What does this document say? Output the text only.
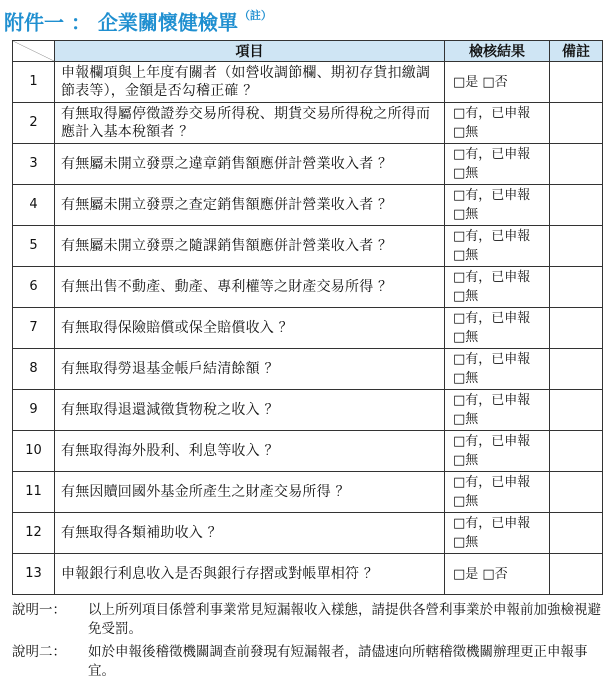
附件一 ： 企業關懷健檢單$^{(註)}$
	項目	檢核結果	備註
1	申報欄項與上年度有關者（如營收調節欄、期初存貨扣繳調節表等），金額是否勾稽正確 ？	□是 □否	

2	有無取得屬停徵證券交易所得稅、期貨交易所得稅之所得而應計入基本稅額者 ？	□有，已申報
□無	

3	有無屬未開立發票之違章銷售額應併計營業收入者 ？	□有，已申報
□無	

4	有無屬未開立發票之查定銷售額應併計營業收入者 ？	□有，已申報
□無	

5	有無屬未開立發票之隨課銷售額應併計營業收入者 ？	□有，已申報
□無	

6	有無出售不動產、動產、專利權等之財產交易所得 ？	□有，已申報
□無	

7	有無取得保險賠償或保全賠償收入 ？	□有，已申報
□無	

8	有無取得勞退基金帳戶結清餘額 ？	□有，已申報
□無	

9	有無取得退還減徵貨物稅之收入 ？	□有，已申報
□無	

10	有無取得海外股利、利息等收入 ？	□有，已申報
□無	

11	有無因贖回國外基金所產生之財產交易所得 ？	□有，已申報
□無	

12	有無取得各類補助收入 ？	□有，已申報
□無	

13	申報銀行利息收入是否與銀行存摺或對帳單相符 ？	□是 □否	

說明一：	以上所列項目係營利事業常見短漏報收入樣態，請提供各營利事業於申報前加強檢視避免受罰。
說明二：	如於申報後稽徵機關調查前發現有短漏報者，請儘速向所轄稽徵機關辦理更正申報事宜。
